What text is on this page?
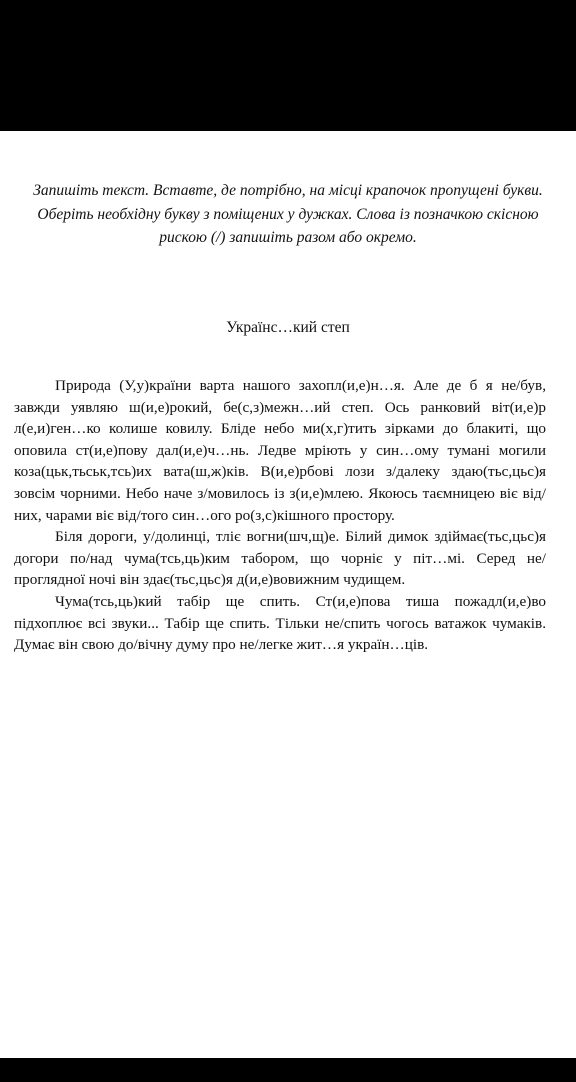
Запишіть текст. Вставте, де потрібно, на місці крапочок пропущені букви. Оберіть необхідну букву з поміщених у дужках. Слова із позначкою скісною рискою (/) запишіть разом або окремо.

Українс…кий степ

Природа (У,у)країни варта нашого захопл(и,е)н…я. Але де б я не/був, завжди уявляю ш(и,е)рокий, бе(с,з)межн…ий степ. Ось ранковий віт(и,е)р л(е,и)ген…ко колише ковилу. Бліде небо ми(х,г)тить зірками до блакиті, що оповила ст(и,е)пову дал(и,е)ч…нь. Ледве мріють у син…ому тумані могили коза(цьк,тьськ,тсь)их вата(ш,ж)ків. В(и,е)рбові лози з/далеку здаю(тьс,цьс)я зовсім чорними. Небо наче з/мовилось із з(и,е)млею. Якоюсь таємницею віє від/них, чарами віє від/того син…ого ро(з,с)кішного простору.

Біля дороги, у/долинці, тліє вогни(шч,щ)е. Білий димок здіймає(тьс,цьс)я догори по/над чума(тсь,ць)ким табором, що чорніє у піт…мі. Серед не/проглядної ночі він здає(тьс,цьс)я д(и,е)вовижним чудищем.

Чума(тсь,ць)кий табір ще спить. Ст(и,е)пова тиша пожадл(и,е)во підхоплює всі звуки... Табір ще спить. Тільки не/спить чогось ватажок чумаків. Думає він свою до/вічну думу про не/легке жит…я україн…ців.
